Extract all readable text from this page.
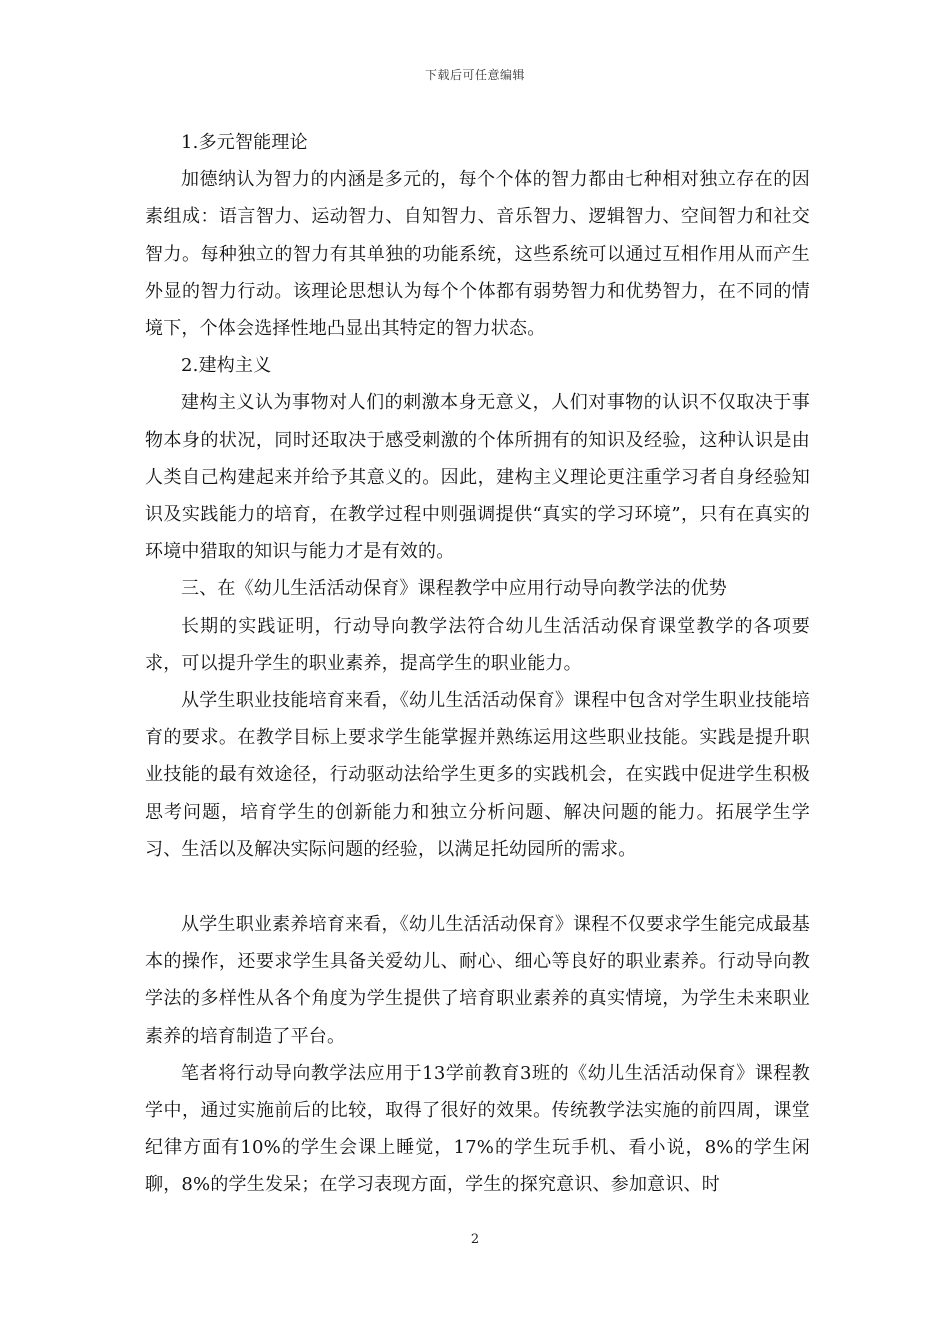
下载后可任意编辑

1.多元智能理论

加德纳认为智力的内涵是多元的，每个个体的智力都由七种相对独立存在的因素组成：语言智力、运动智力、自知智力、音乐智力、逻辑智力、空间智力和社交智力。每种独立的智力有其单独的功能系统，这些系统可以通过互相作用从而产生外显的智力行动。该理论思想认为每个个体都有弱势智力和优势智力，在不同的情境下，个体会选择性地凸显出其特定的智力状态。

2.建构主义

建构主义认为事物对人们的刺激本身无意义，人们对事物的认识不仅取决于事物本身的状况，同时还取决于感受刺激的个体所拥有的知识及经验，这种认识是由人类自己构建起来并给予其意义的。因此，建构主义理论更注重学习者自身经验知识及实践能力的培育，在教学过程中则强调提供“真实的学习环境”，只有在真实的环境中猎取的知识与能力才是有效的。

三、在《幼儿生活活动保育》课程教学中应用行动导向教学法的优势

长期的实践证明，行动导向教学法符合幼儿生活活动保育课堂教学的各项要求，可以提升学生的职业素养，提高学生的职业能力。

从学生职业技能培育来看，《幼儿生活活动保育》课程中包含对学生职业技能培育的要求。在教学目标上要求学生能掌握并熟练运用这些职业技能。实践是提升职业技能的最有效途径，行动驱动法给学生更多的实践机会，在实践中促进学生积极思考问题，培育学生的创新能力和独立分析问题、解决问题的能力。拓展学生学习、生活以及解决实际问题的经验，以满足托幼园所的需求。

从学生职业素养培育来看，《幼儿生活活动保育》课程不仅要求学生能完成最基本的操作，还要求学生具备关爱幼儿、耐心、细心等良好的职业素养。行动导向教学法的多样性从各个角度为学生提供了培育职业素养的真实情境，为学生未来职业素养的培育制造了平台。

笔者将行动导向教学法应用于13学前教育3班的《幼儿生活活动保育》课程教学中，通过实施前后的比较，取得了很好的效果。传统教学法实施的前四周，课堂纪律方面有10%的学生会课上睡觉，17%的学生玩手机、看小说，8%的学生闲聊，8%的学生发呆；在学习表现方面，学生的探究意识、参加意识、时

2
